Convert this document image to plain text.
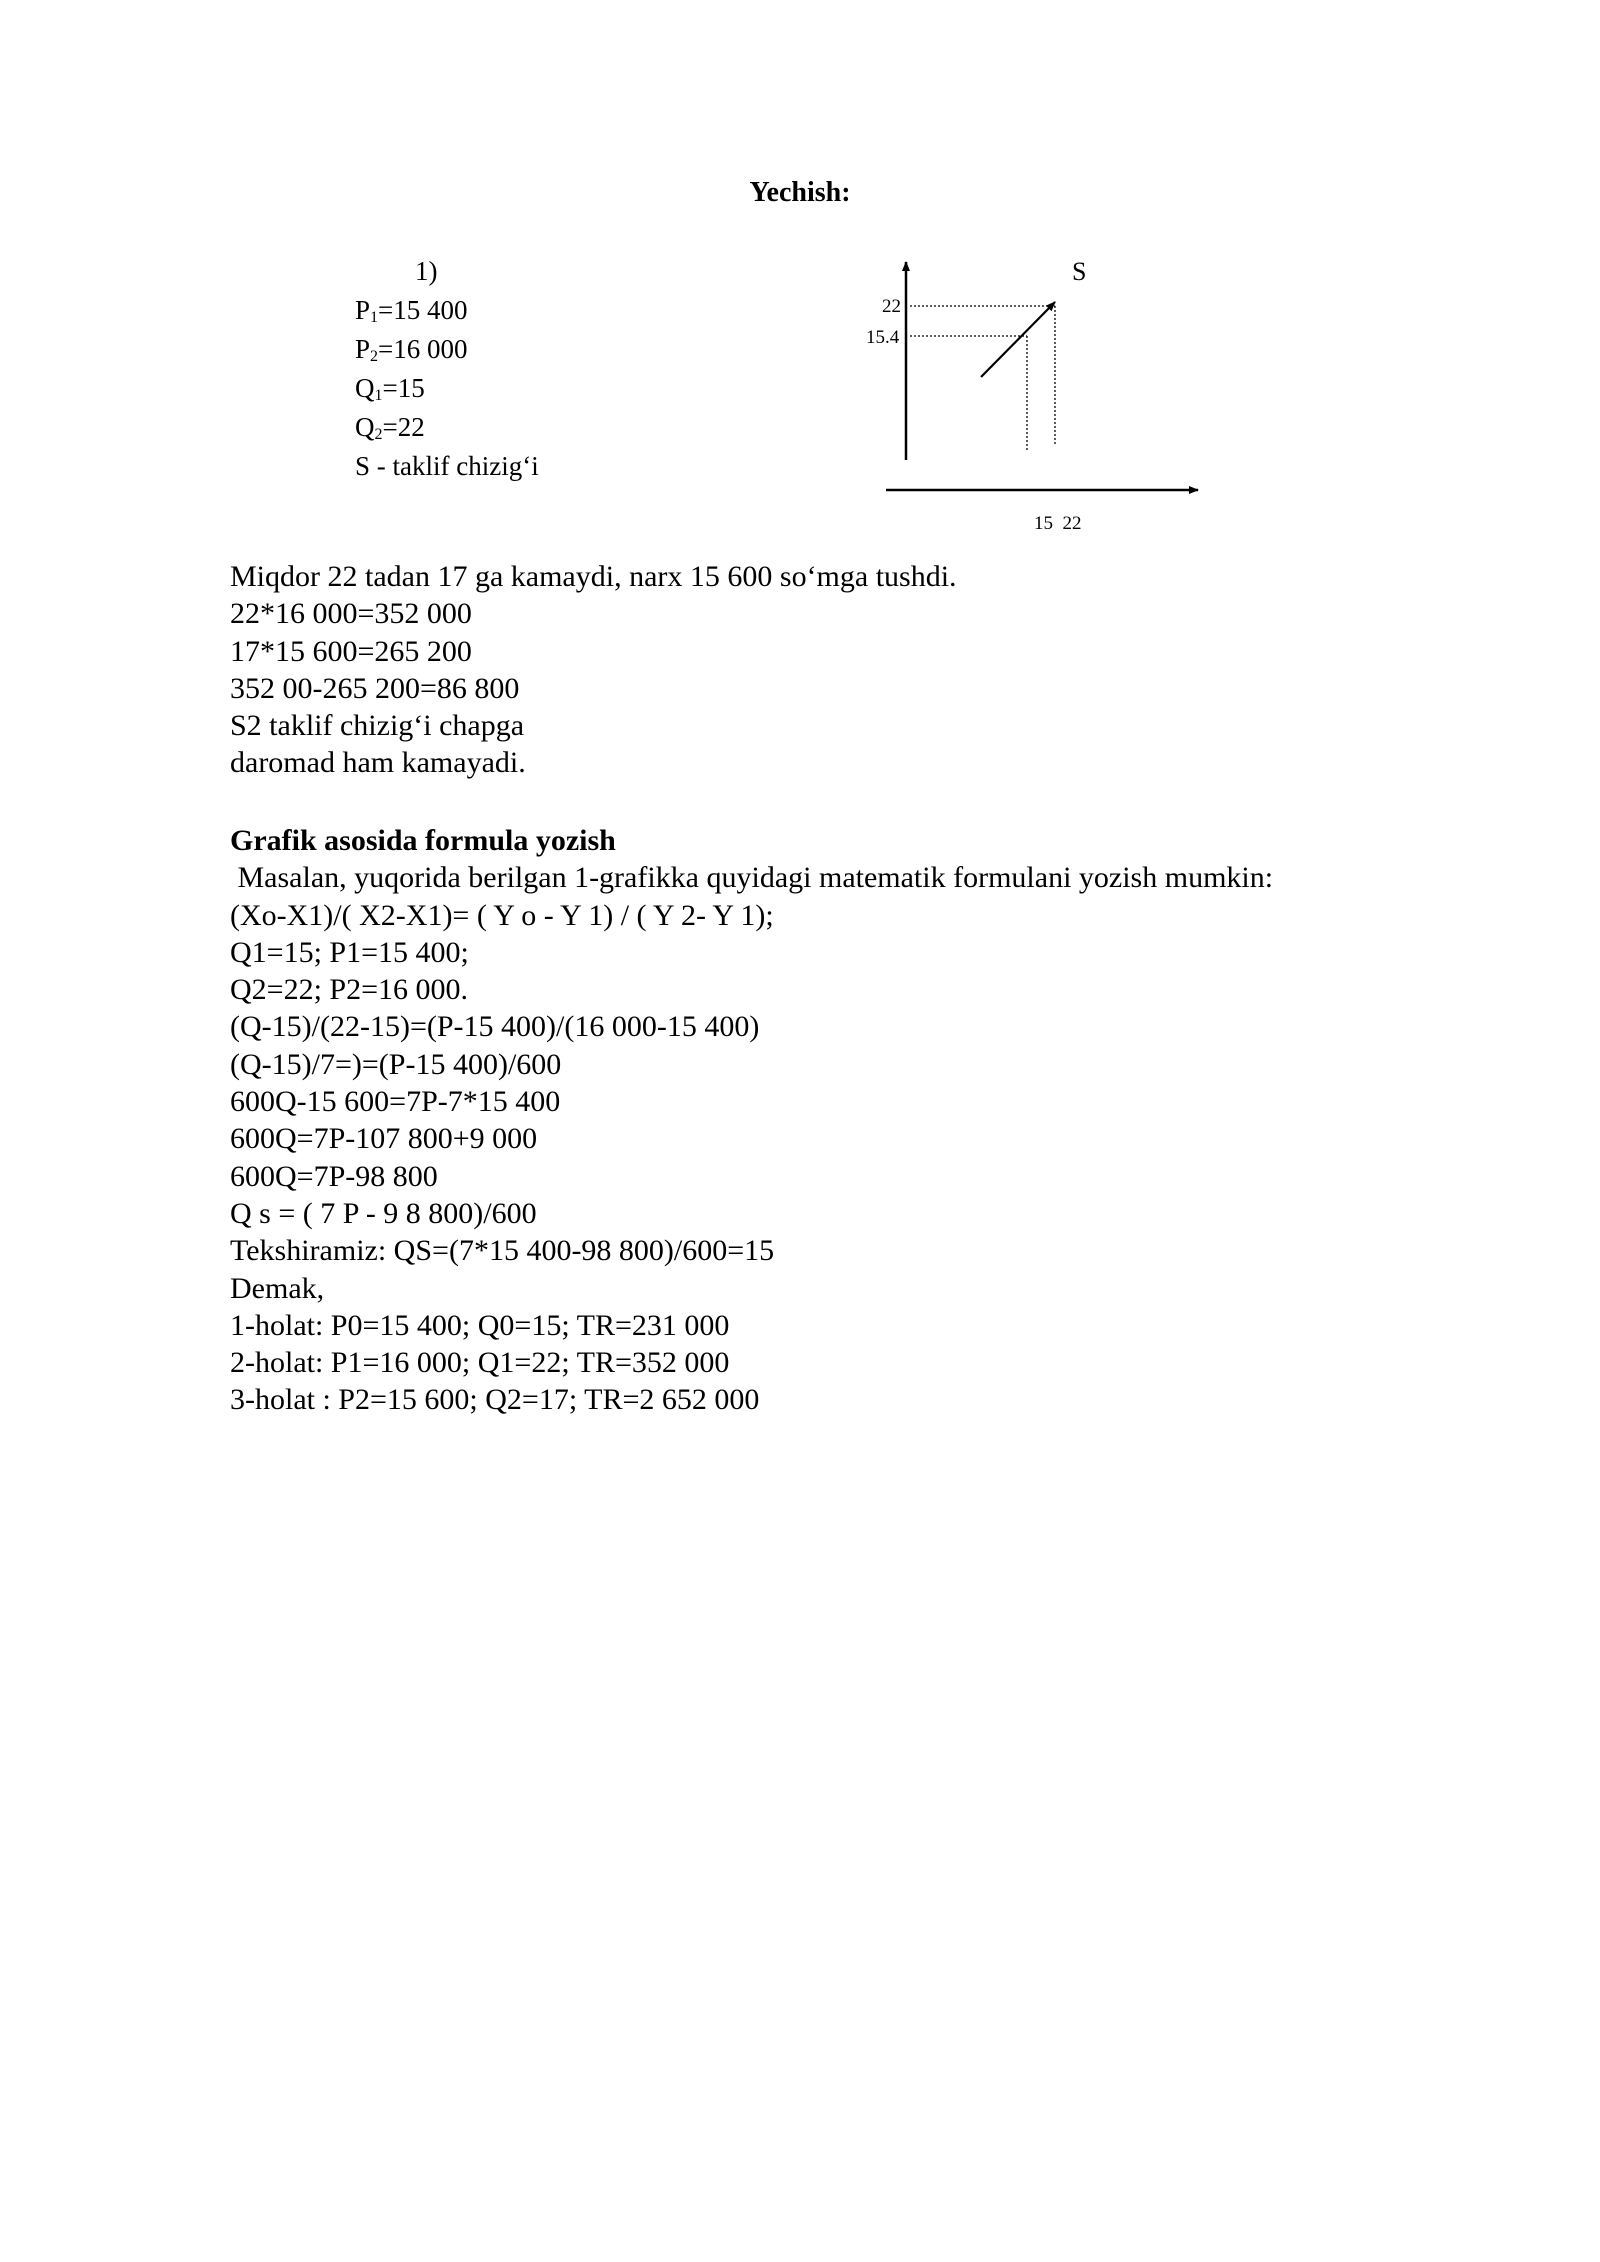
Yechish:
1)
$P_1=15$ 400
$P_2=16$ 000
$Q_1=15$
$Q_2=22$
S - taklif chizig‘i
S
22
15.4
15  22
Miqdor 22 tadan 17 ga kamaydi, narx 15 600 so‘mga tushdi.
22*16 000=352 000
17*15 600=265 200
352 00-265 200=86 800
S2 taklif chizig‘i chapga
daromad ham kamayadi.
Grafik asosida formula yozish
Masalan, yuqorida berilgan 1-grafikka quyidagi matematik formulani yozish mumkin:
(Xo-X1)/( X2-X1)= ( Y o - Y 1) / ( Y 2- Y 1);
Q1=15; P1=15 400;
Q2=22; P2=16 000.
(Q-15)/(22-15)=(P-15 400)/(16 000-15 400)
(Q-15)/7=)=(P-15 400)/600
600Q-15 600=7P-7*15 400
600Q=7P-107 800+9 000
600Q=7P-98 800
Q s = ( 7 P - 9 8 800)/600
Tekshiramiz: QS=(7*15 400-98 800)/600=15
Demak,
1-holat: P0=15 400; Q0=15; TR=231 000
2-holat: P1=16 000; Q1=22; TR=352 000
3-holat : P2=15 600; Q2=17; TR=2 652 000
